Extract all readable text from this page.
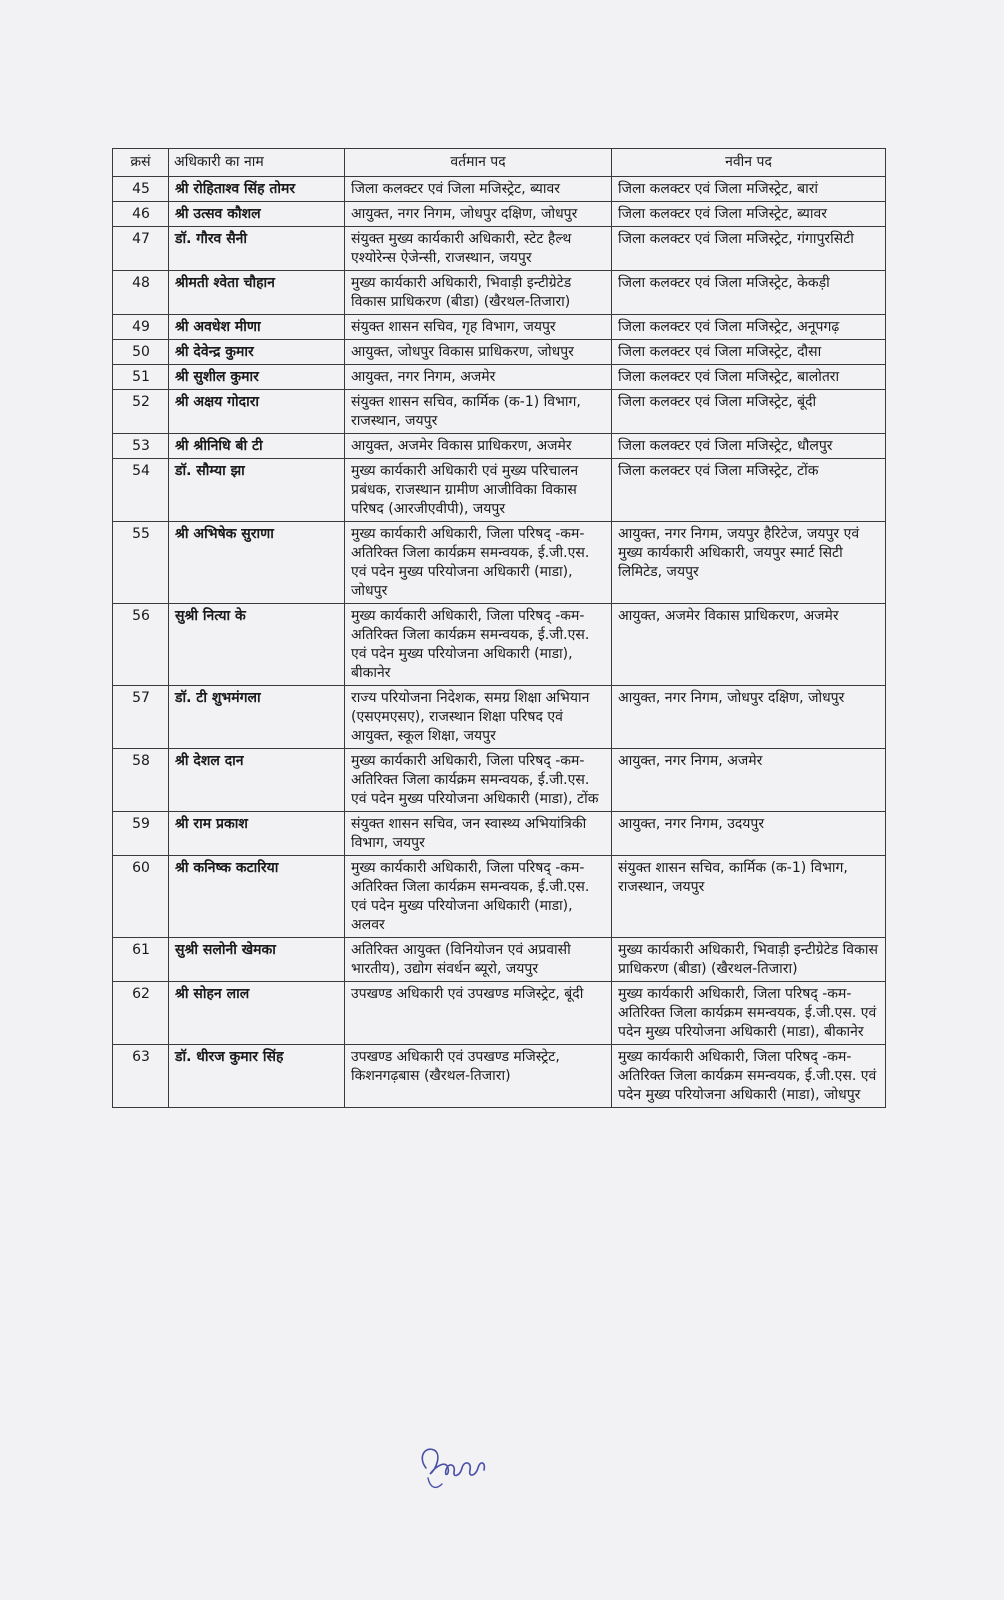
क्रसं	अधिकारी का नाम	वर्तमान पद	नवीन पद
45	श्री रोहिताश्व सिंह तोमर	जिला कलक्टर एवं जिला मजिस्ट्रेट, ब्यावर	जिला कलक्टर एवं जिला मजिस्ट्रेट, बारां
46	श्री उत्सव कौशल	आयुक्त, नगर निगम, जोधपुर दक्षिण, जोधपुर	जिला कलक्टर एवं जिला मजिस्ट्रेट, ब्यावर
47	डॉ. गौरव सैनी	संयुक्त मुख्य कार्यकारी अधिकारी, स्टेट हैल्थ एश्योरेन्स ऐजेन्सी, राजस्थान, जयपुर	जिला कलक्टर एवं जिला मजिस्ट्रेट, गंगापुरसिटी
48	श्रीमती श्वेता चौहान	मुख्य कार्यकारी अधिकारी, भिवाड़ी इन्टीग्रेटेड विकास प्राधिकरण (बीडा) (खैरथल-तिजारा)	जिला कलक्टर एवं जिला मजिस्ट्रेट, केकड़ी
49	श्री अवधेश मीणा	संयुक्त शासन सचिव, गृह विभाग, जयपुर	जिला कलक्टर एवं जिला मजिस्ट्रेट, अनूपगढ़
50	श्री देवेन्द्र कुमार	आयुक्त, जोधपुर विकास प्राधिकरण, जोधपुर	जिला कलक्टर एवं जिला मजिस्ट्रेट, दौसा
51	श्री सुशील कुमार	आयुक्त, नगर निगम, अजमेर	जिला कलक्टर एवं जिला मजिस्ट्रेट, बालोतरा
52	श्री अक्षय गोदारा	संयुक्त शासन सचिव, कार्मिक (क-1) विभाग, राजस्थान, जयपुर	जिला कलक्टर एवं जिला मजिस्ट्रेट, बूंदी
53	श्री श्रीनिधि बी टी	आयुक्त, अजमेर विकास प्राधिकरण, अजमेर	जिला कलक्टर एवं जिला मजिस्ट्रेट, धौलपुर
54	डॉ. सौम्या झा	मुख्य कार्यकारी अधिकारी एवं मुख्य परिचालन प्रबंधक, राजस्थान ग्रामीण आजीविका विकास परिषद (आरजीएवीपी), जयपुर	जिला कलक्टर एवं जिला मजिस्ट्रेट, टोंक
55	श्री अभिषेक सुराणा	मुख्य कार्यकारी अधिकारी, जिला परिषद् -कम- अतिरिक्त जिला कार्यक्रम समन्वयक, ई.जी.एस. एवं पदेन मुख्य परियोजना अधिकारी (माडा), जोधपुर	आयुक्त, नगर निगम, जयपुर हैरिटेज, जयपुर एवं मुख्य कार्यकारी अधिकारी, जयपुर स्मार्ट सिटी लिमिटेड, जयपुर
56	सुश्री नित्या के	मुख्य कार्यकारी अधिकारी, जिला परिषद् -कम- अतिरिक्त जिला कार्यक्रम समन्वयक, ई.जी.एस. एवं पदेन मुख्य परियोजना अधिकारी (माडा), बीकानेर	आयुक्त, अजमेर विकास प्राधिकरण, अजमेर
57	डॉ. टी शुभमंगला	राज्य परियोजना निदेशक, समग्र शिक्षा अभियान (एसएमएसए), राजस्थान शिक्षा परिषद एवं आयुक्त, स्कूल शिक्षा, जयपुर	आयुक्त, नगर निगम, जोधपुर दक्षिण, जोधपुर
58	श्री देशल दान	मुख्य कार्यकारी अधिकारी, जिला परिषद् -कम- अतिरिक्त जिला कार्यक्रम समन्वयक, ई.जी.एस. एवं पदेन मुख्य परियोजना अधिकारी (माडा), टोंक	आयुक्त, नगर निगम, अजमेर
59	श्री राम प्रकाश	संयुक्त शासन सचिव, जन स्वास्थ्य अभियांत्रिकी विभाग, जयपुर	आयुक्त, नगर निगम, उदयपुर
60	श्री कनिष्क कटारिया	मुख्य कार्यकारी अधिकारी, जिला परिषद् -कम- अतिरिक्त जिला कार्यक्रम समन्वयक, ई.जी.एस. एवं पदेन मुख्य परियोजना अधिकारी (माडा), अलवर	संयुक्त शासन सचिव, कार्मिक (क-1) विभाग, राजस्थान, जयपुर
61	सुश्री सलोनी खेमका	अतिरिक्त आयुक्त (विनियोजन एवं अप्रवासी भारतीय), उद्योग संवर्धन ब्यूरो, जयपुर	मुख्य कार्यकारी अधिकारी, भिवाड़ी इन्टीग्रेटेड विकास प्राधिकरण (बीडा) (खैरथल-तिजारा)
62	श्री सोहन लाल	उपखण्ड अधिकारी एवं उपखण्ड मजिस्ट्रेट, बूंदी	मुख्य कार्यकारी अधिकारी, जिला परिषद् -कम- अतिरिक्त जिला कार्यक्रम समन्वयक, ई.जी.एस. एवं पदेन मुख्य परियोजना अधिकारी (माडा), बीकानेर
63	डॉ. धीरज कुमार सिंह	उपखण्ड अधिकारी एवं उपखण्ड मजिस्ट्रेट, किशनगढ़बास (खैरथल-तिजारा)	मुख्य कार्यकारी अधिकारी, जिला परिषद् -कम- अतिरिक्त जिला कार्यक्रम समन्वयक, ई.जी.एस. एवं पदेन मुख्य परियोजना अधिकारी (माडा), जोधपुर
